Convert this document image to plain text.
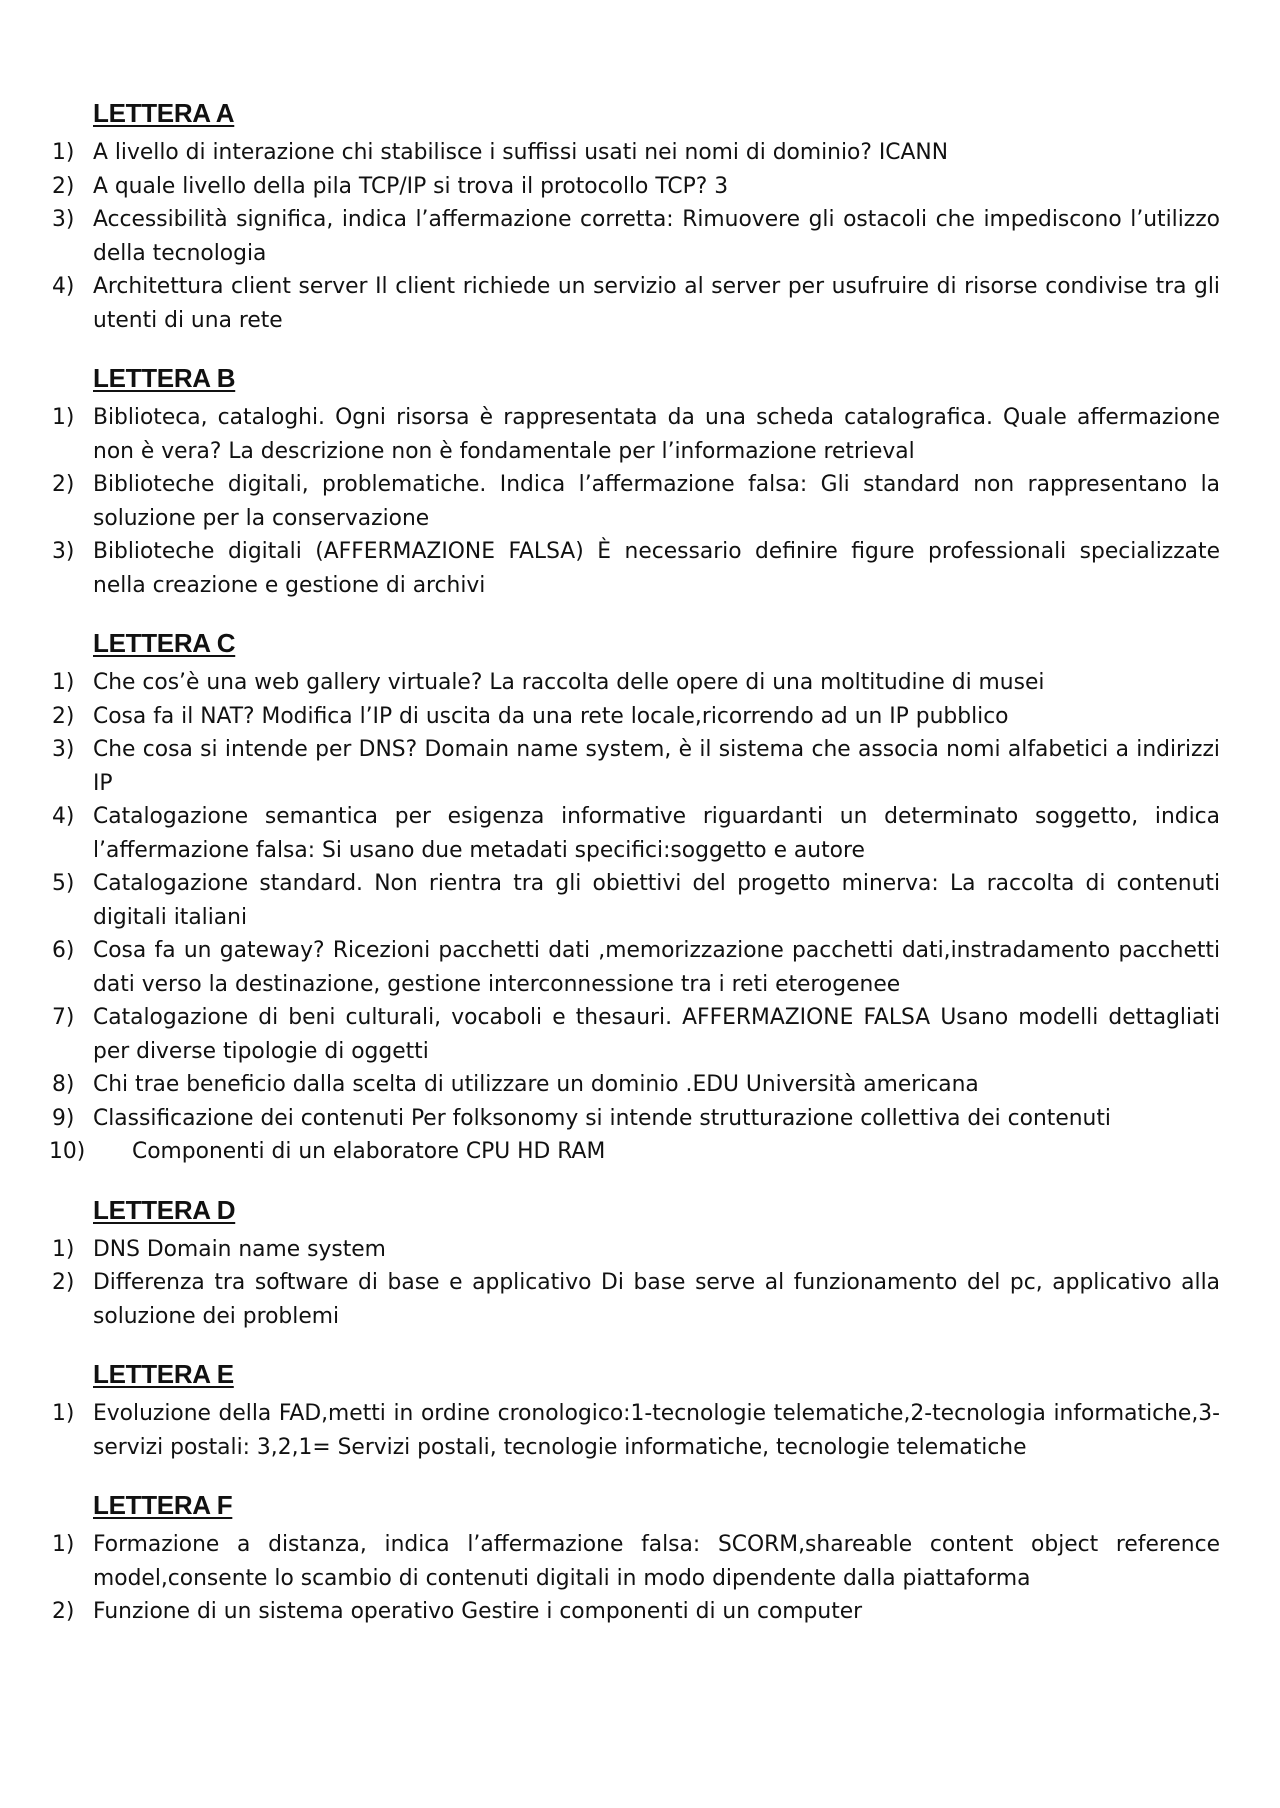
LETTERA A
1) A livello di interazione chi stabilisce i suffissi usati nei nomi di dominio? ICANN
2) A quale livello della pila TCP/IP si trova il protocollo TCP? 3
3) Accessibilità significa, indica l’affermazione corretta: Rimuovere gli ostacoli che impediscono l’utilizzo della tecnologia
4) Architettura client server Il client richiede un servizio al server per usufruire di risorse condivise tra gli utenti di una rete
LETTERA B
1) Biblioteca, cataloghi. Ogni risorsa è rappresentata da una scheda catalografica. Quale affermazione non è vera? La descrizione non è fondamentale per l’informazione retrieval
2) Biblioteche digitali, problematiche. Indica l’affermazione falsa: Gli standard non rappresentano la soluzione per la conservazione
3) Biblioteche digitali (AFFERMAZIONE FALSA) È necessario definire figure professionali specializzate nella creazione e gestione di archivi
LETTERA C
1) Che cos’è una web gallery virtuale? La raccolta delle opere di una moltitudine di musei
2) Cosa fa il NAT? Modifica l’IP di uscita da una rete locale,ricorrendo ad un IP pubblico
3) Che cosa si intende per DNS? Domain name system, è il sistema che associa nomi alfabetici a indirizzi IP
4) Catalogazione semantica per esigenza informative riguardanti un determinato soggetto, indica l’affermazione falsa: Si usano due metadati specifici:soggetto e autore
5) Catalogazione standard. Non rientra tra gli obiettivi del progetto minerva: La raccolta di contenuti digitali italiani
6) Cosa fa un gateway? Ricezioni pacchetti dati ,memorizzazione pacchetti dati,instradamento pacchetti dati verso la destinazione, gestione interconnessione tra i reti eterogenee
7) Catalogazione di beni culturali, vocaboli e thesauri. AFFERMAZIONE FALSA Usano modelli dettagliati per diverse tipologie di oggetti
8) Chi trae beneficio dalla scelta di utilizzare un dominio .EDU Università americana
9) Classificazione dei contenuti Per folksonomy si intende strutturazione collettiva dei contenuti
10) Componenti di un elaboratore CPU HD RAM
LETTERA D
1) DNS Domain name system
2) Differenza tra software di base e applicativo Di base serve al funzionamento del pc, applicativo alla soluzione dei problemi
LETTERA E
1) Evoluzione della FAD,metti in ordine cronologico:1-tecnologie telematiche,2-tecnologia informatiche,3-servizi postali: 3,2,1= Servizi postali, tecnologie informatiche, tecnologie telematiche
LETTERA F
1) Formazione a distanza, indica l’affermazione falsa: SCORM,shareable content object reference model,consente lo scambio di contenuti digitali in modo dipendente dalla piattaforma
2) Funzione di un sistema operativo Gestire i componenti di un computer
